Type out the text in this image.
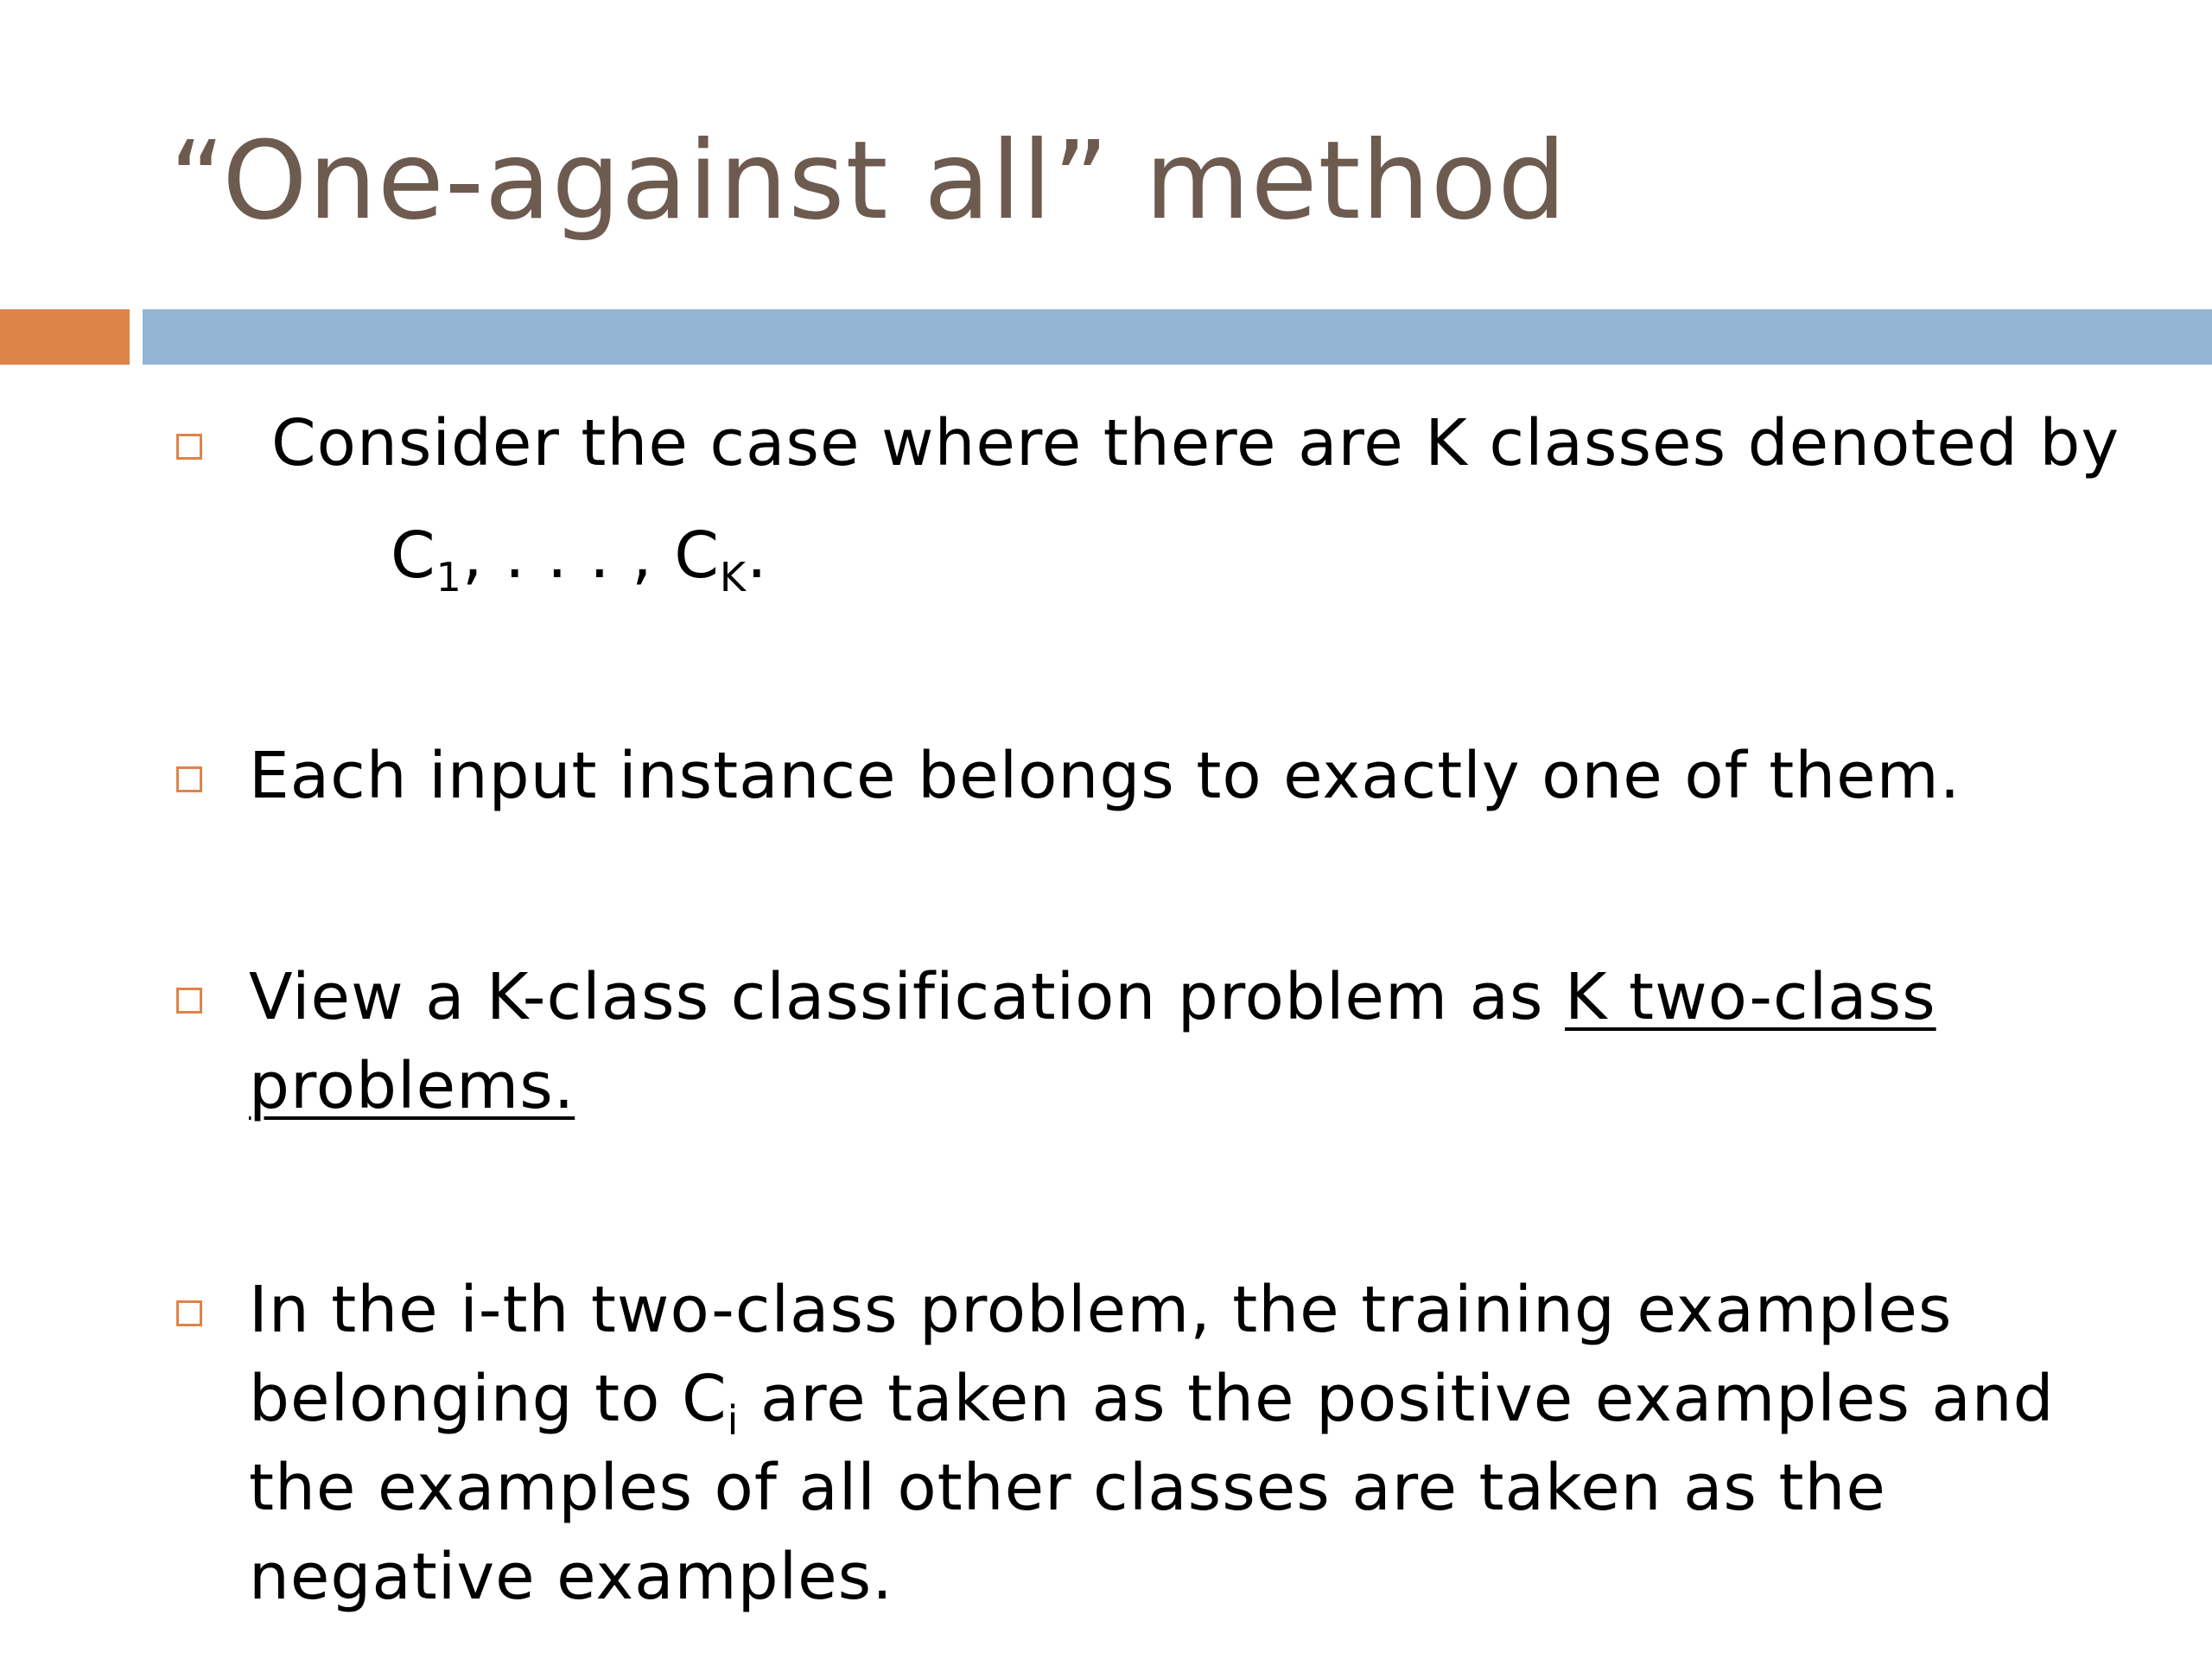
“One-against all” method
Consider the case where there are K classes denoted by
$C_1$, . . . , $C_K$.
Each input instance belongs to exactly one of them.
View a K-class classification problem as K two-class
problems.
In the i-th two-class problem, the training examples
belonging to $C_i$ are taken as the positive examples and
the examples of all other classes are taken as the
negative examples.
